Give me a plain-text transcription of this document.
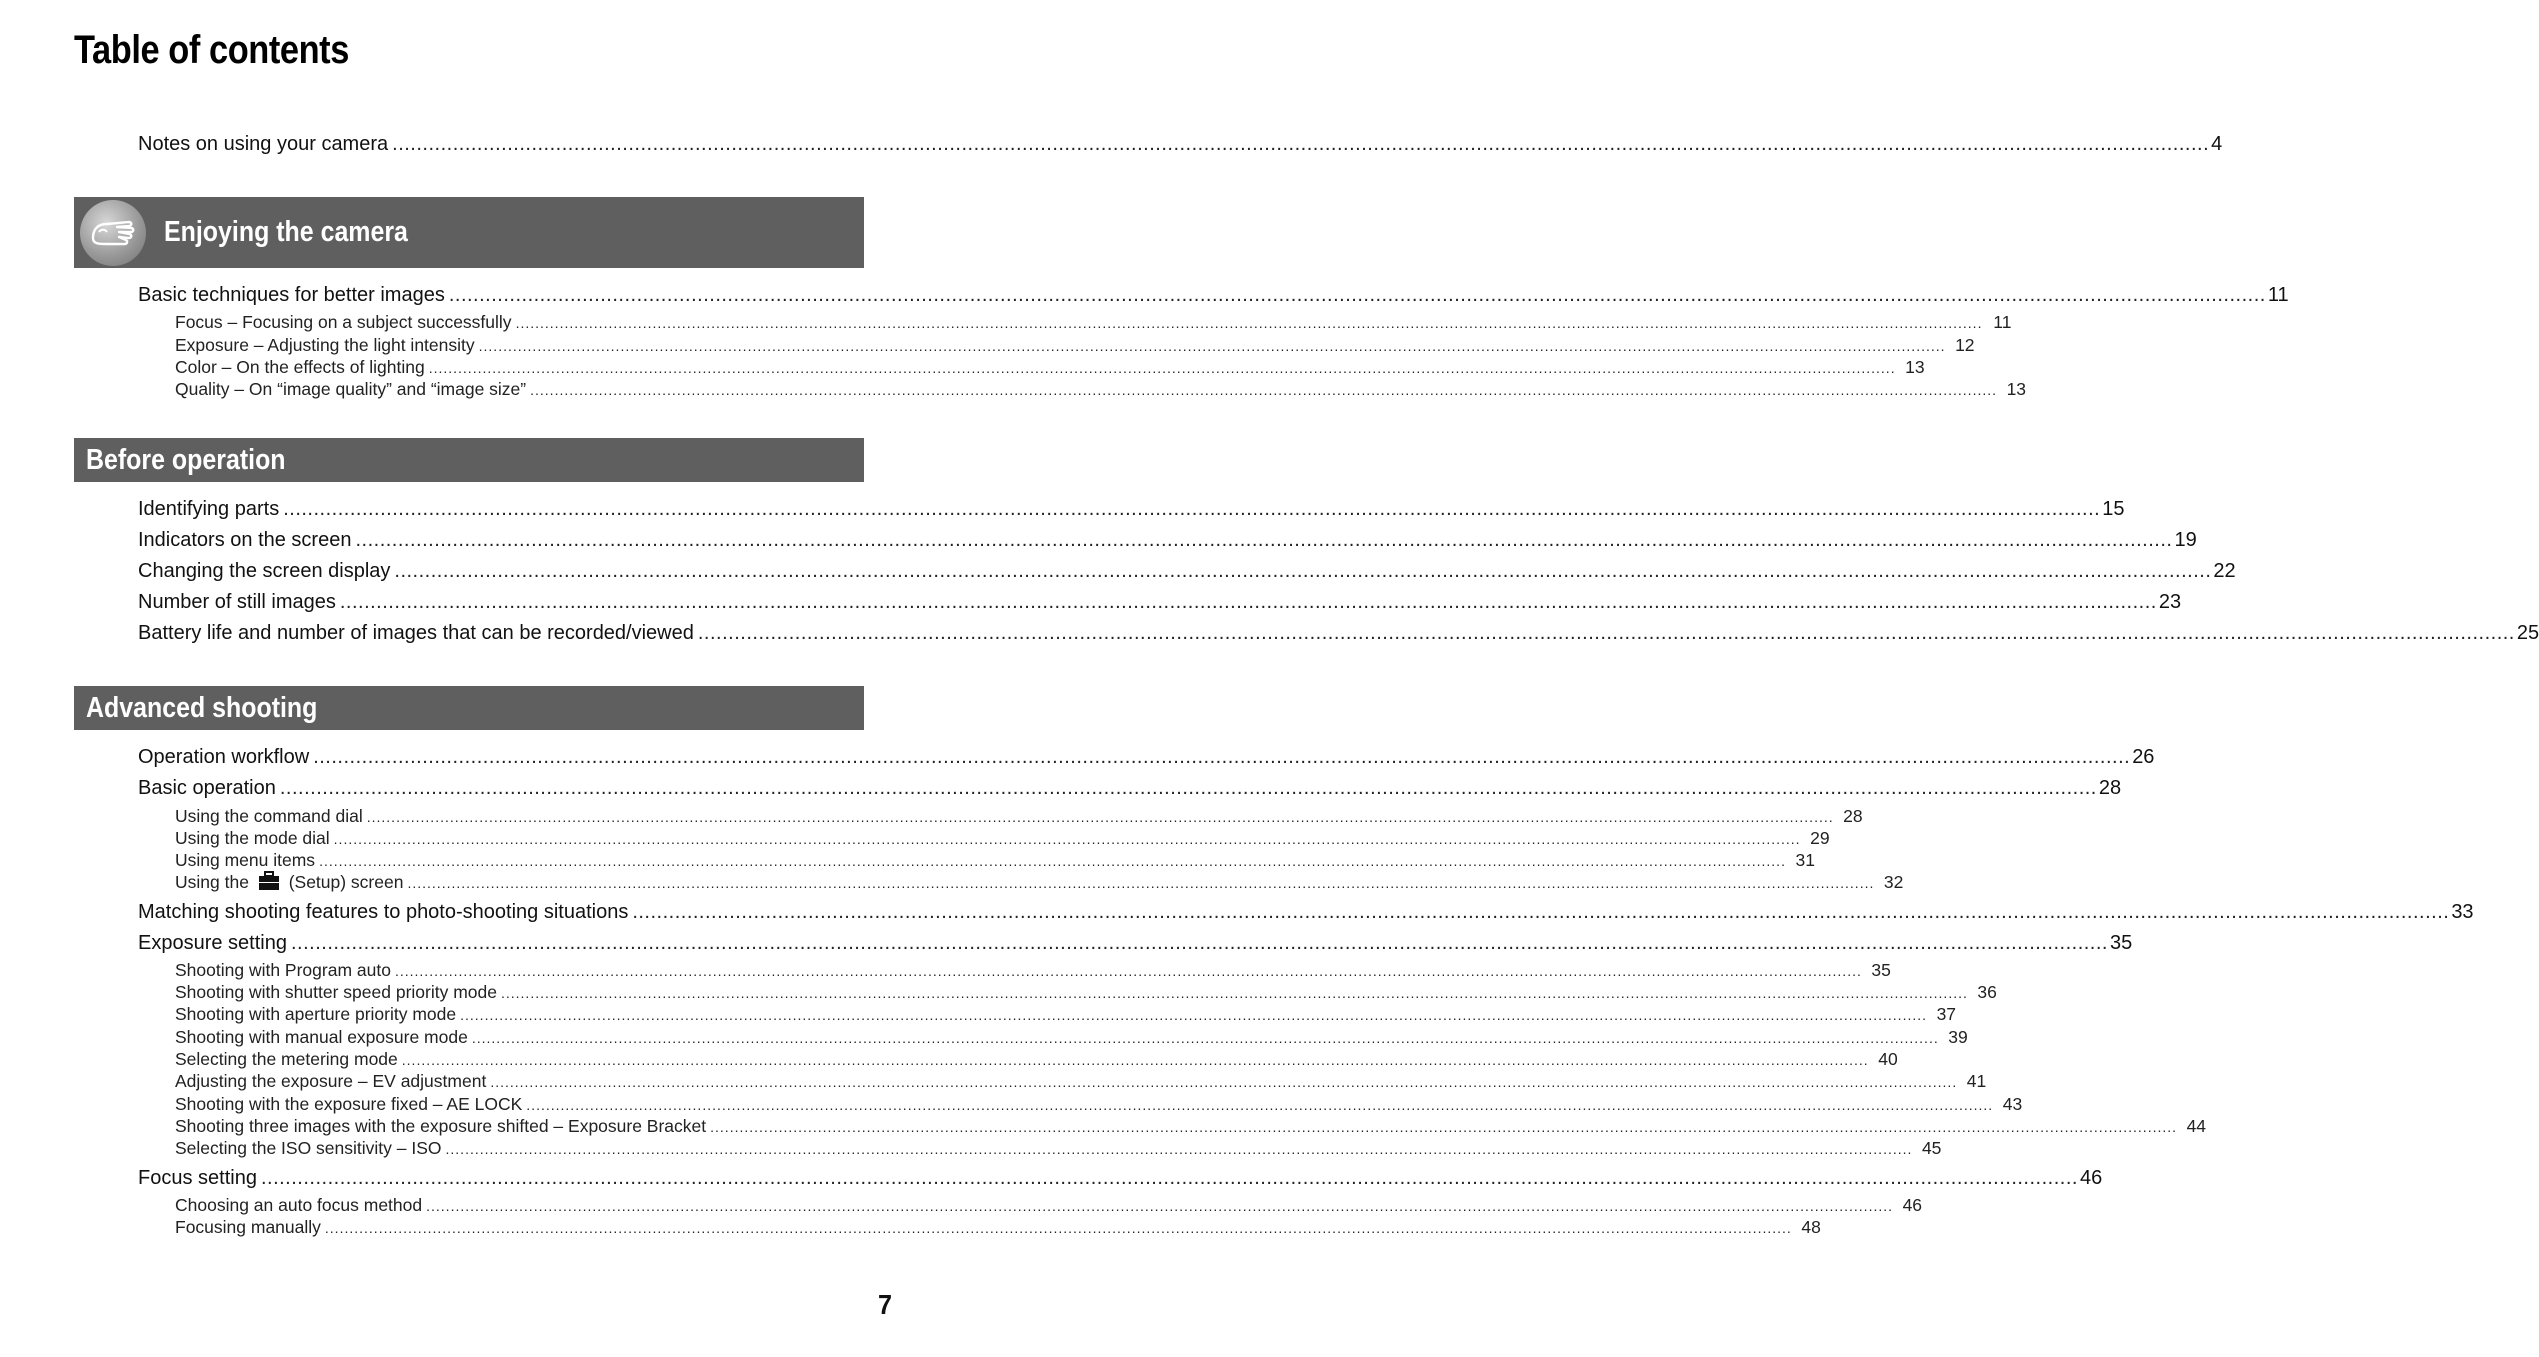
Table of contents
Notes on using your camera ............................................................................................................................................................................................................................................................................................................ 4
Enjoying the camera
Basic techniques for better images ............................................................................................................................................................................................................................................................................................................ 11
Focus – Focusing on a subject successfully ............................................................................................................................................................................................................................................................................................................ 11
Exposure – Adjusting the light intensity ............................................................................................................................................................................................................................................................................................................ 12
Color – On the effects of lighting ............................................................................................................................................................................................................................................................................................................ 13
Quality – On “image quality” and “image size” ............................................................................................................................................................................................................................................................................................................ 13
Before operation
Identifying parts ............................................................................................................................................................................................................................................................................................................ 15
Indicators on the screen ............................................................................................................................................................................................................................................................................................................ 19
Changing the screen display ............................................................................................................................................................................................................................................................................................................ 22
Number of still images ............................................................................................................................................................................................................................................................................................................ 23
Battery life and number of images that can be recorded/viewed ............................................................................................................................................................................................................................................................................................................ 25
Advanced shooting
Operation workflow ............................................................................................................................................................................................................................................................................................................ 26
Basic operation ............................................................................................................................................................................................................................................................................................................ 28
Using the command dial ............................................................................................................................................................................................................................................................................................................ 28
Using the mode dial ............................................................................................................................................................................................................................................................................................................ 29
Using menu items ............................................................................................................................................................................................................................................................................................................ 31
Using the (Setup) screen ............................................................................................................................................................................................................................................................................................................ 32
Matching shooting features to photo-shooting situations ............................................................................................................................................................................................................................................................................................................ 33
Exposure setting ............................................................................................................................................................................................................................................................................................................ 35
Shooting with Program auto ............................................................................................................................................................................................................................................................................................................ 35
Shooting with shutter speed priority mode ............................................................................................................................................................................................................................................................................................................ 36
Shooting with aperture priority mode ............................................................................................................................................................................................................................................................................................................ 37
Shooting with manual exposure mode ............................................................................................................................................................................................................................................................................................................ 39
Selecting the metering mode ............................................................................................................................................................................................................................................................................................................ 40
Adjusting the exposure – EV adjustment ............................................................................................................................................................................................................................................................................................................ 41
Shooting with the exposure fixed – AE LOCK ............................................................................................................................................................................................................................................................................................................ 43
Shooting three images with the exposure shifted – Exposure Bracket ............................................................................................................................................................................................................................................................................................................ 44
Selecting the ISO sensitivity – ISO ............................................................................................................................................................................................................................................................................................................ 45
Focus setting ............................................................................................................................................................................................................................................................................................................ 46
Choosing an auto focus method ............................................................................................................................................................................................................................................................................................................ 46
Focusing manually ............................................................................................................................................................................................................................................................................................................ 48
7
